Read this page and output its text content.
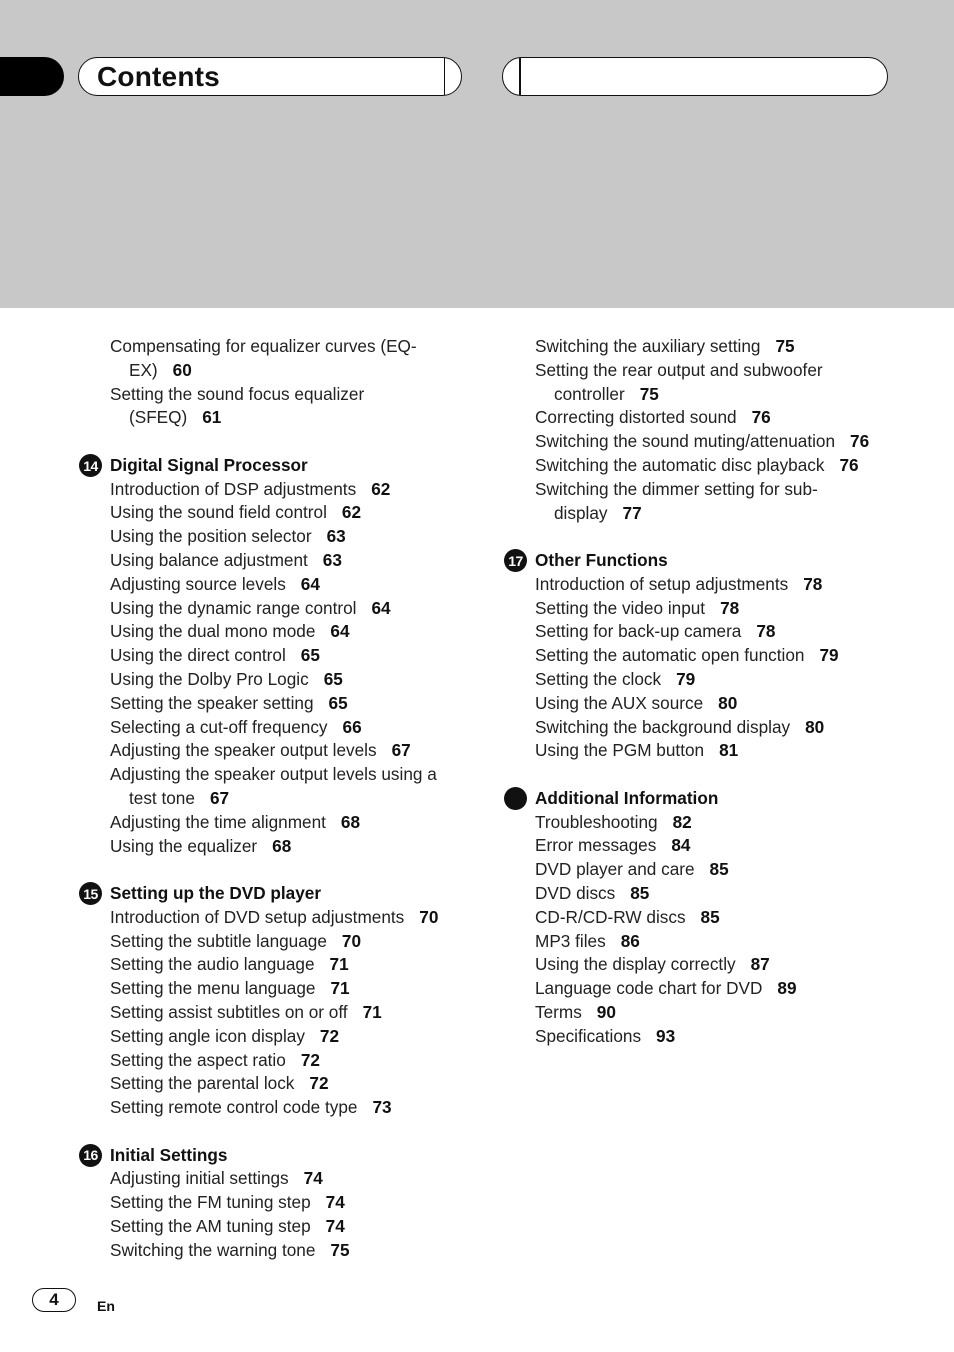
Contents
Compensating for equalizer curves (EQ-
EX) 60
Setting the sound focus equalizer
(SFEQ) 61
14 Digital Signal Processor
Introduction of DSP adjustments 62
Using the sound field control 62
Using the position selector 63
Using balance adjustment 63
Adjusting source levels 64
Using the dynamic range control 64
Using the dual mono mode 64
Using the direct control 65
Using the Dolby Pro Logic 65
Setting the speaker setting 65
Selecting a cut-off frequency 66
Adjusting the speaker output levels 67
Adjusting the speaker output levels using a
test tone 67
Adjusting the time alignment 68
Using the equalizer 68
15 Setting up the DVD player
Introduction of DVD setup adjustments 70
Setting the subtitle language 70
Setting the audio language 71
Setting the menu language 71
Setting assist subtitles on or off 71
Setting angle icon display 72
Setting the aspect ratio 72
Setting the parental lock 72
Setting remote control code type 73
16 Initial Settings
Adjusting initial settings 74
Setting the FM tuning step 74
Setting the AM tuning step 74
Switching the warning tone 75
Switching the auxiliary setting 75
Setting the rear output and subwoofer
controller 75
Correcting distorted sound 76
Switching the sound muting/attenuation 76
Switching the automatic disc playback 76
Switching the dimmer setting for sub-
display 77
17 Other Functions
Introduction of setup adjustments 78
Setting the video input 78
Setting for back-up camera 78
Setting the automatic open function 79
Setting the clock 79
Using the AUX source 80
Switching the background display 80
Using the PGM button 81
Additional Information
Troubleshooting 82
Error messages 84
DVD player and care 85
DVD discs 85
CD-R/CD-RW discs 85
MP3 files 86
Using the display correctly 87
Language code chart for DVD 89
Terms 90
Specifications 93
4	En
